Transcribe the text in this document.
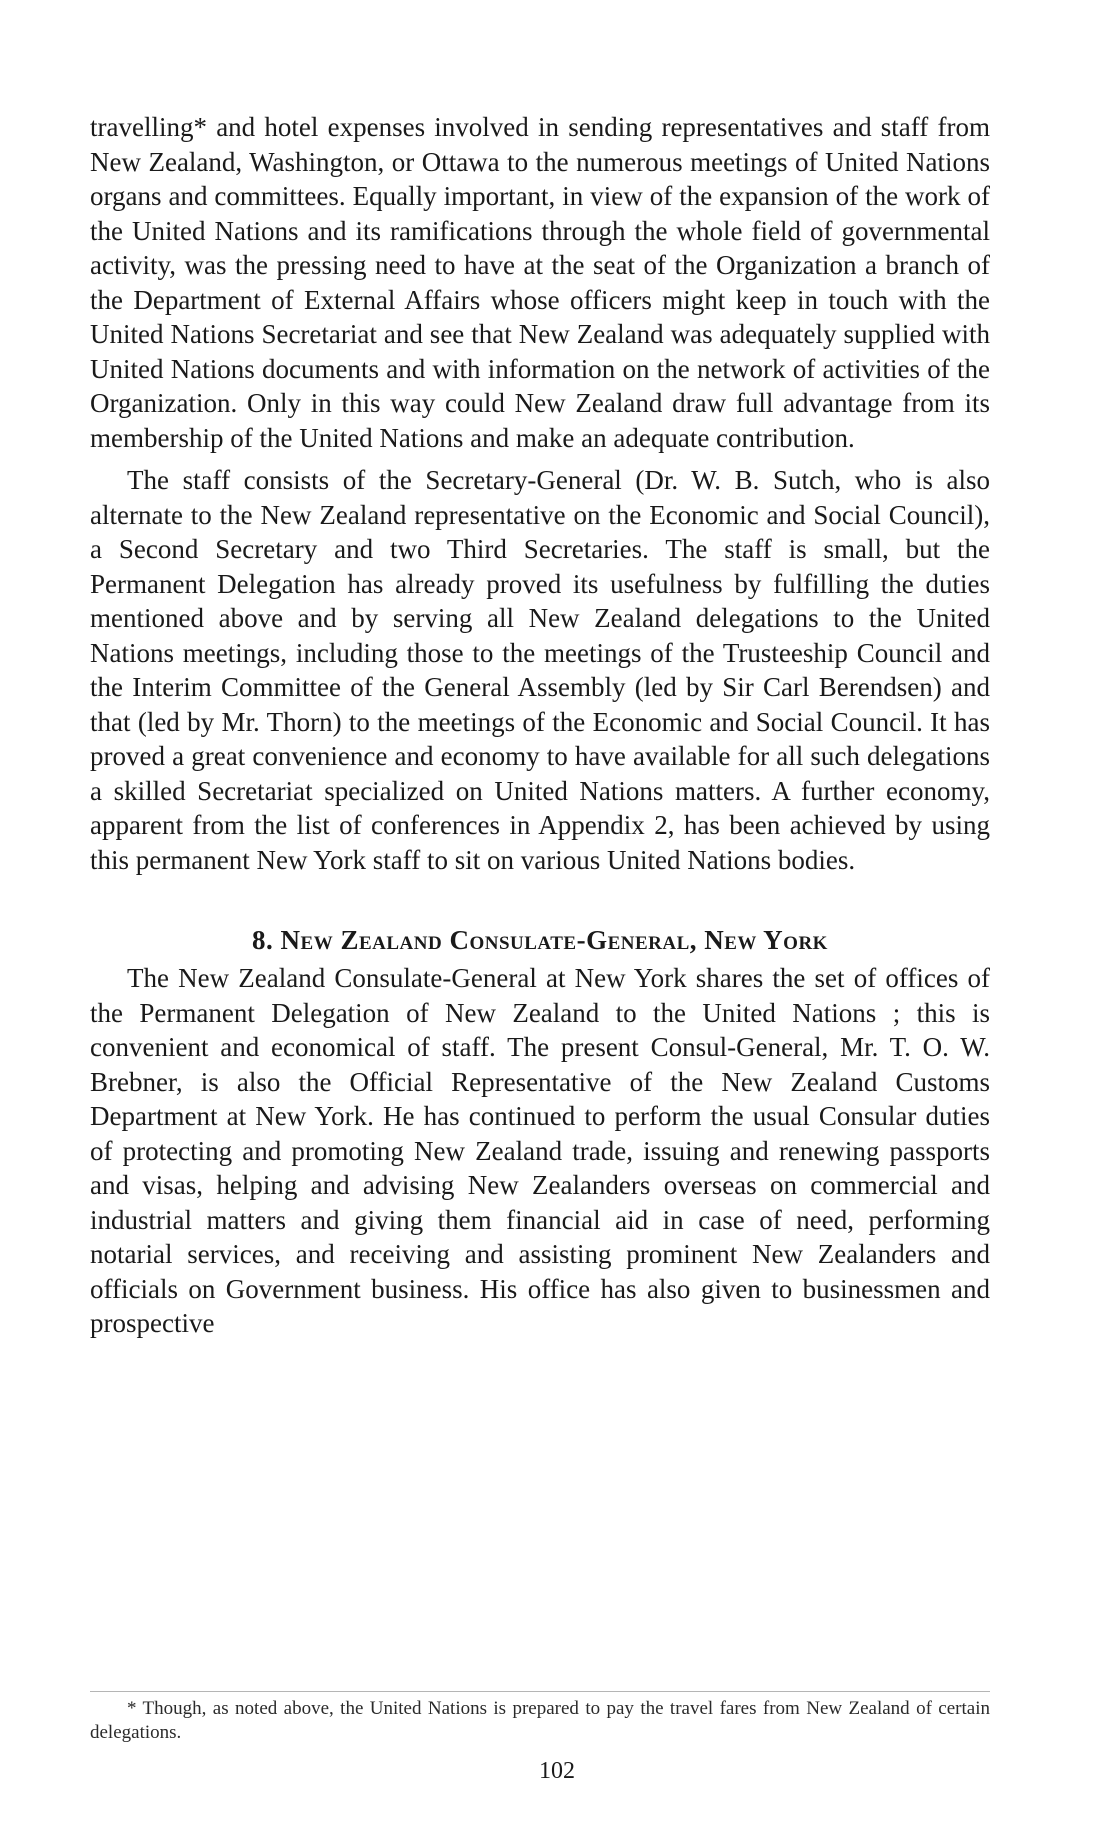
travelling* and hotel expenses involved in sending representatives and staff from New Zealand, Washington, or Ottawa to the numerous meetings of United Nations organs and committees. Equally important, in view of the expansion of the work of the United Nations and its ramifications through the whole field of governmental activity, was the pressing need to have at the seat of the Organization a branch of the Department of External Affairs whose officers might keep in touch with the United Nations Secretariat and see that New Zealand was adequately supplied with United Nations documents and with information on the network of activities of the Organization. Only in this way could New Zealand draw full advantage from its membership of the United Nations and make an adequate contribution.

The staff consists of the Secretary-General (Dr. W. B. Sutch, who is also alternate to the New Zealand representative on the Economic and Social Council), a Second Secretary and two Third Secretaries. The staff is small, but the Permanent Delegation has already proved its usefulness by fulfilling the duties mentioned above and by serving all New Zealand delegations to the United Nations meetings, including those to the meetings of the Trusteeship Council and the Interim Committee of the General Assembly (led by Sir Carl Berendsen) and that (led by Mr. Thorn) to the meetings of the Economic and Social Council. It has proved a great convenience and economy to have available for all such delegations a skilled Secretariat specialized on United Nations matters. A further economy, apparent from the list of conferences in Appendix 2, has been achieved by using this permanent New York staff to sit on various United Nations bodies.

8. New Zealand Consulate-General, New York

The New Zealand Consulate-General at New York shares the set of offices of the Permanent Delegation of New Zealand to the United Nations ; this is convenient and economical of staff. The present Consul-General, Mr. T. O. W. Brebner, is also the Official Representative of the New Zealand Customs Department at New York. He has continued to perform the usual Consular duties of protecting and promoting New Zealand trade, issuing and renewing passports and visas, helping and advising New Zealanders overseas on commercial and industrial matters and giving them financial aid in case of need, performing notarial services, and receiving and assisting prominent New Zealanders and officials on Government business. His office has also given to businessmen and prospective

* Though, as noted above, the United Nations is prepared to pay the travel fares from New Zealand of certain delegations.

102
